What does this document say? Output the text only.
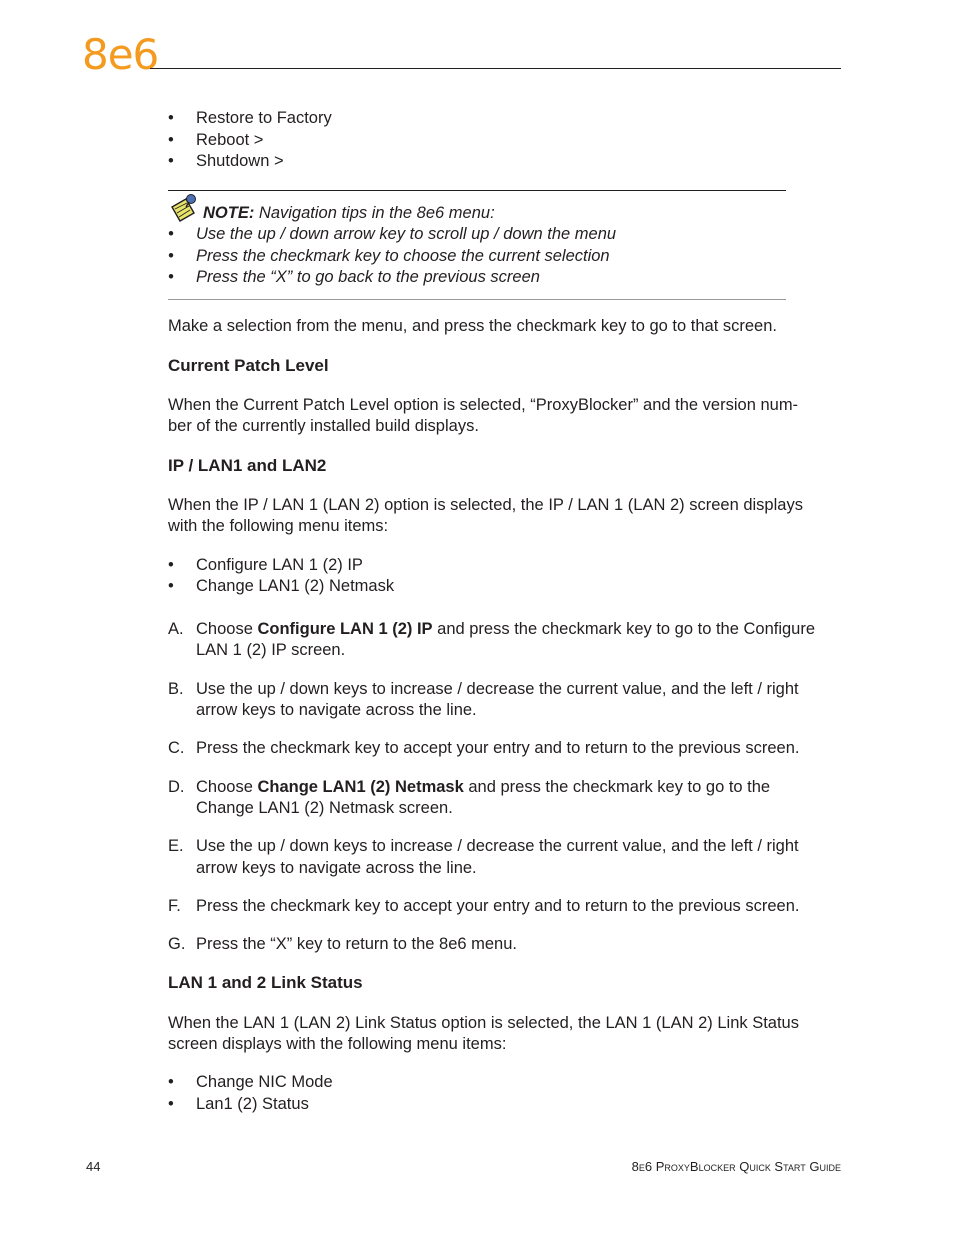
8e6
• Restore to Factory
• Reboot >
• Shutdown >
NOTE: Navigation tips in the 8e6 menu:
• Use the up / down arrow key to scroll up / down the menu
• Press the checkmark key to choose the current selection
• Press the “X” to go back to the previous screen
Make a selection from the menu, and press the checkmark key to go to that screen.
Current Patch Level
When the Current Patch Level option is selected, “ProxyBlocker” and the version num-
ber of the currently installed build displays.
IP / LAN1 and LAN2
When the IP / LAN 1 (LAN 2) option is selected, the IP / LAN 1 (LAN 2) screen displays
with the following menu items:
• Configure LAN 1 (2) IP
• Change LAN1 (2) Netmask
A. Choose Configure LAN 1 (2) IP and press the checkmark key to go to the Configure
LAN 1 (2) IP screen.
B. Use the up / down keys to increase / decrease the current value, and the left / right
arrow keys to navigate across the line.
C. Press the checkmark key to accept your entry and to return to the previous screen.
D. Choose Change LAN1 (2) Netmask and press the checkmark key to go to the
Change LAN1 (2) Netmask screen.
E. Use the up / down keys to increase / decrease the current value, and the left / right
arrow keys to navigate across the line.
F. Press the checkmark key to accept your entry and to return to the previous screen.
G. Press the “X” key to return to the 8e6 menu.
LAN 1 and 2 Link Status
When the LAN 1 (LAN 2) Link Status option is selected, the LAN 1 (LAN 2) Link Status
screen displays with the following menu items:
• Change NIC Mode
• Lan1 (2) Status
44	8e6 ProxyBlocker Quick Start Guide
